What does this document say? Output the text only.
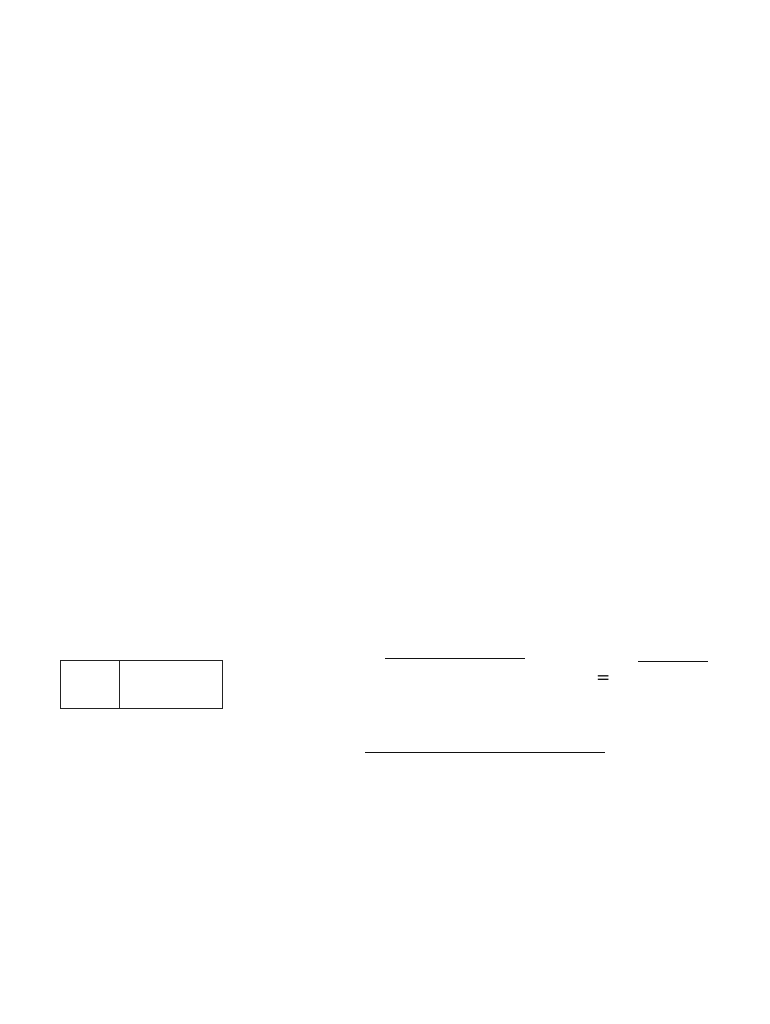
=
